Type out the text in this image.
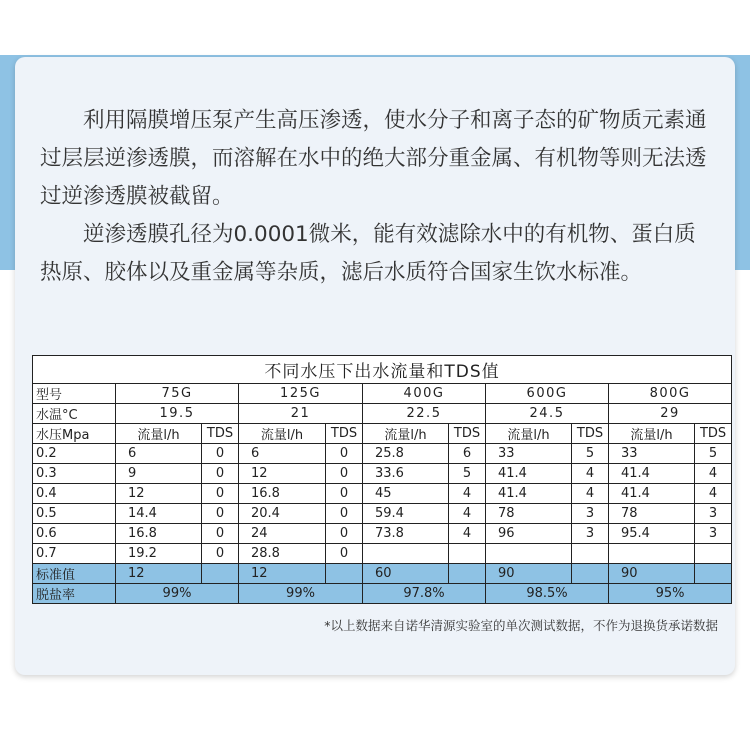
利用隔膜增压泵产生高压渗透，使水分子和离子态的矿物质元素通过层层逆渗透膜，而溶解在水中的绝大部分重金属、有机物等则无法透过逆渗透膜被截留。

逆渗透膜孔径为0.0001微米，能有效滤除水中的有机物、蛋白质热原、胶体以及重金属等杂质，滤后水质符合国家生饮水标准。

不同水压下出水流量和TDS值										
型号	75G		125G		400G		600G		800G	
水温°C	19.5		21		22.5		24.5		29	
水压Mpa	流量l/h	TDS	流量l/h	TDS	流量l/h	TDS	流量l/h	TDS	流量l/h	TDS
0.2	6	0	6	0	25.8	6	33	5	33	5
0.3	9	0	12	0	33.6	5	41.4	4	41.4	4
0.4	12	0	16.8	0	45	4	41.4	4	41.4	4
0.5	14.4	0	20.4	0	59.4	4	78	3	78	3
0.6	16.8	0	24	0	73.8	4	96	3	95.4	3
0.7	19.2	0	28.8	0						
标准值	12		12		60		90		90	
脱盐率	99%		99%		97.8%		98.5%		95%	
*以上数据来自诺华清源实验室的单次测试数据，不作为退换货承诺数据
